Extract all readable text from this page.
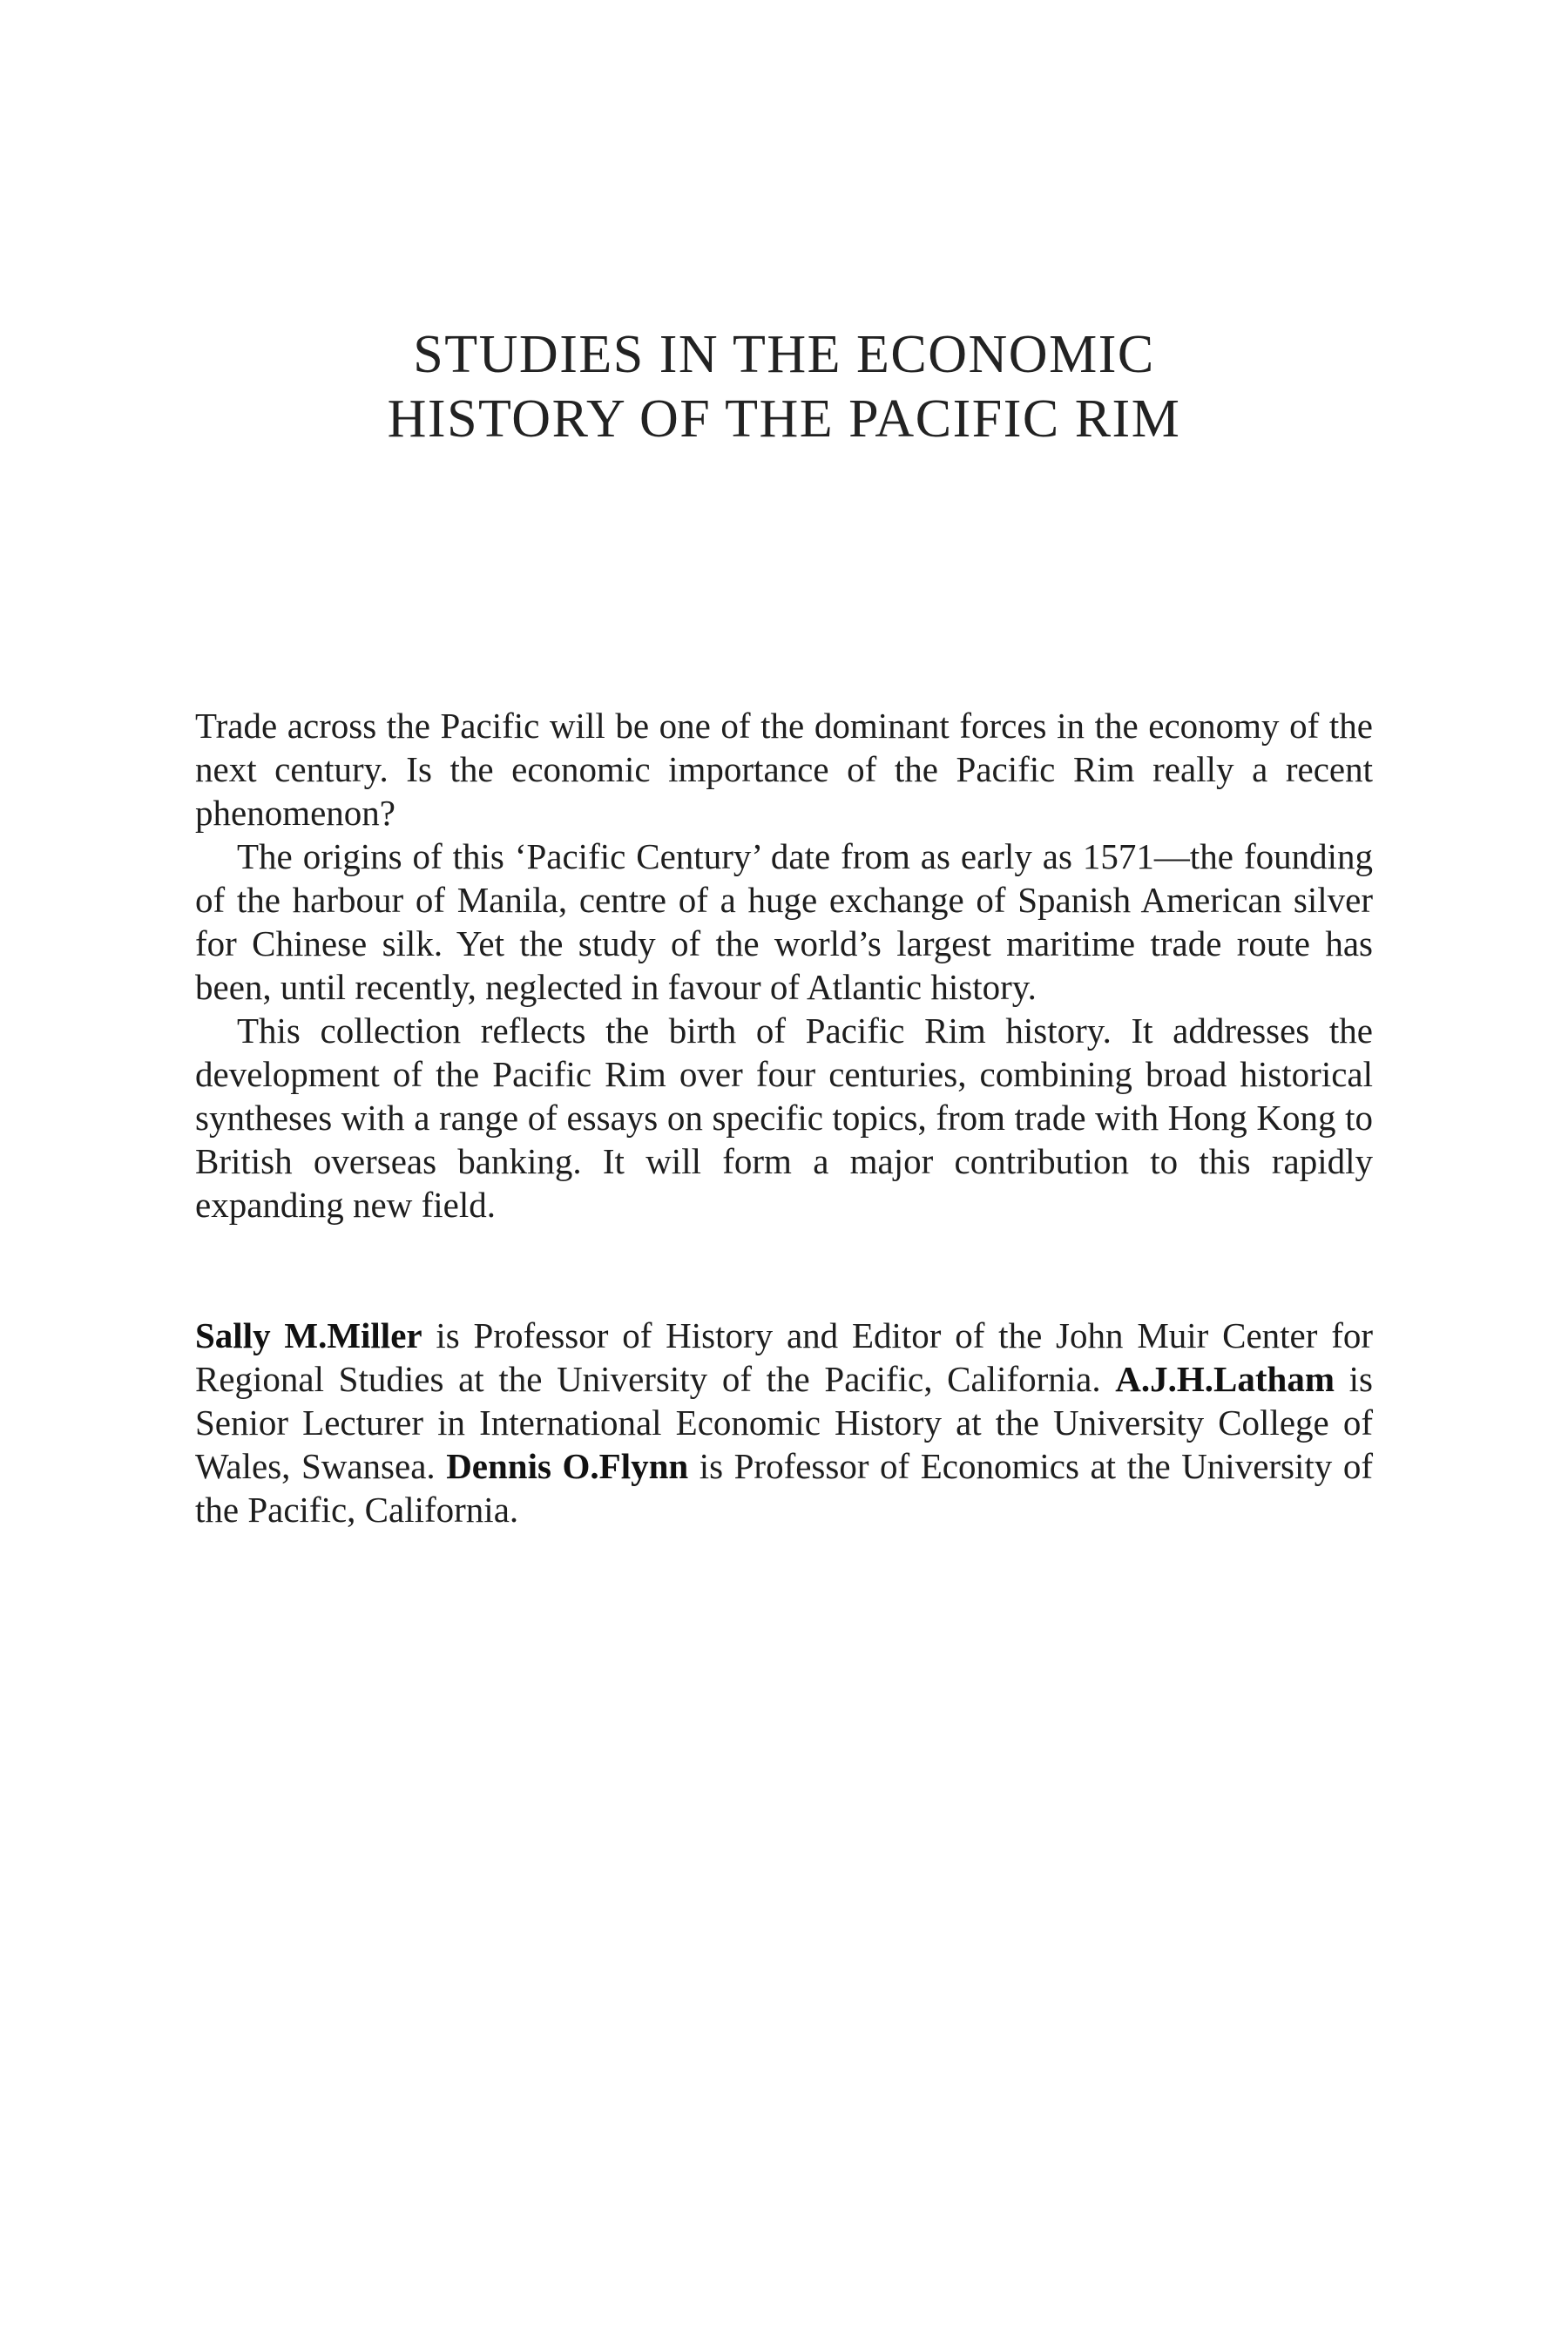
STUDIES IN THE ECONOMIC
HISTORY OF THE PACIFIC RIM

Trade across the Pacific will be one of the dominant forces in the economy of the next century. Is the economic importance of the Pacific Rim really a recent phenomenon?

The origins of this ‘Pacific Century’ date from as early as 1571—the founding of the harbour of Manila, centre of a huge exchange of Spanish American silver for Chinese silk. Yet the study of the world’s largest maritime trade route has been, until recently, neglected in favour of Atlantic history.

This collection reflects the birth of Pacific Rim history. It addresses the development of the Pacific Rim over four centuries, combining broad historical syntheses with a range of essays on specific topics, from trade with Hong Kong to British overseas banking. It will form a major contribution to this rapidly expanding new field.

Sally M.Miller is Professor of History and Editor of the John Muir Center for Regional Studies at the University of the Pacific, California. A.J.H.Latham is Senior Lecturer in International Economic History at the University College of Wales, Swansea. Dennis O.Flynn is Professor of Economics at the University of the Pacific, California.
